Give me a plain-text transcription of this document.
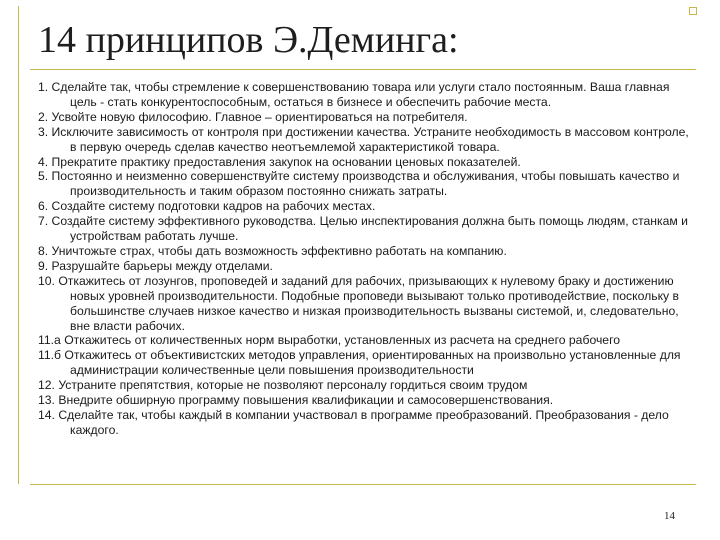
14 принципов Э.Деминга:
1. Сделайте так, чтобы стремление к совершенствованию товара или услуги стало постоянным. Ваша главная цель - стать конкурентоспособным, остаться в бизнесе и обеспечить рабочие места.
2. Усвойте новую философию. Главное – ориентироваться на потребителя.
3. Исключите зависимость от контроля при достижении качества. Устраните необходимость в массовом контроле, в первую очередь сделав качество неотъемлемой характеристикой товара.
4. Прекратите практику предоставления закупок на основании ценовых показателей.
5. Постоянно и неизменно совершенствуйте систему производства и обслуживания, чтобы повышать качество и производительность и таким образом постоянно снижать затраты.
6. Создайте систему подготовки кадров на рабочих местах.
7. Создайте систему эффективного руководства. Целью инспектирования должна быть помощь людям, станкам и устройствам работать лучше.
8. Уничтожьте страх, чтобы дать возможность эффективно работать на компанию.
9. Разрушайте барьеры между отделами.
10. Откажитесь от лозунгов, проповедей и заданий для рабочих, призывающих к нулевому браку и достижению новых уровней производительности. Подобные проповеди вызывают только противодействие, поскольку в большинстве случаев низкое качество и низкая производительность вызваны системой, и, следовательно, вне власти рабочих.
11.а Откажитесь от количественных норм выработки, установленных из расчета на среднего рабочего
11.б Откажитесь от объективистских методов управления, ориентированных на произвольно установленные для администрации количественные цели повышения производительности
12. Устраните препятствия, которые не позволяют персоналу гордиться своим трудом
13. Внедрите обширную программу повышения квалификации и самосовершенствования.
14. Сделайте так, чтобы каждый в компании участвовал в программе преобразований. Преобразования - дело каждого.
14
